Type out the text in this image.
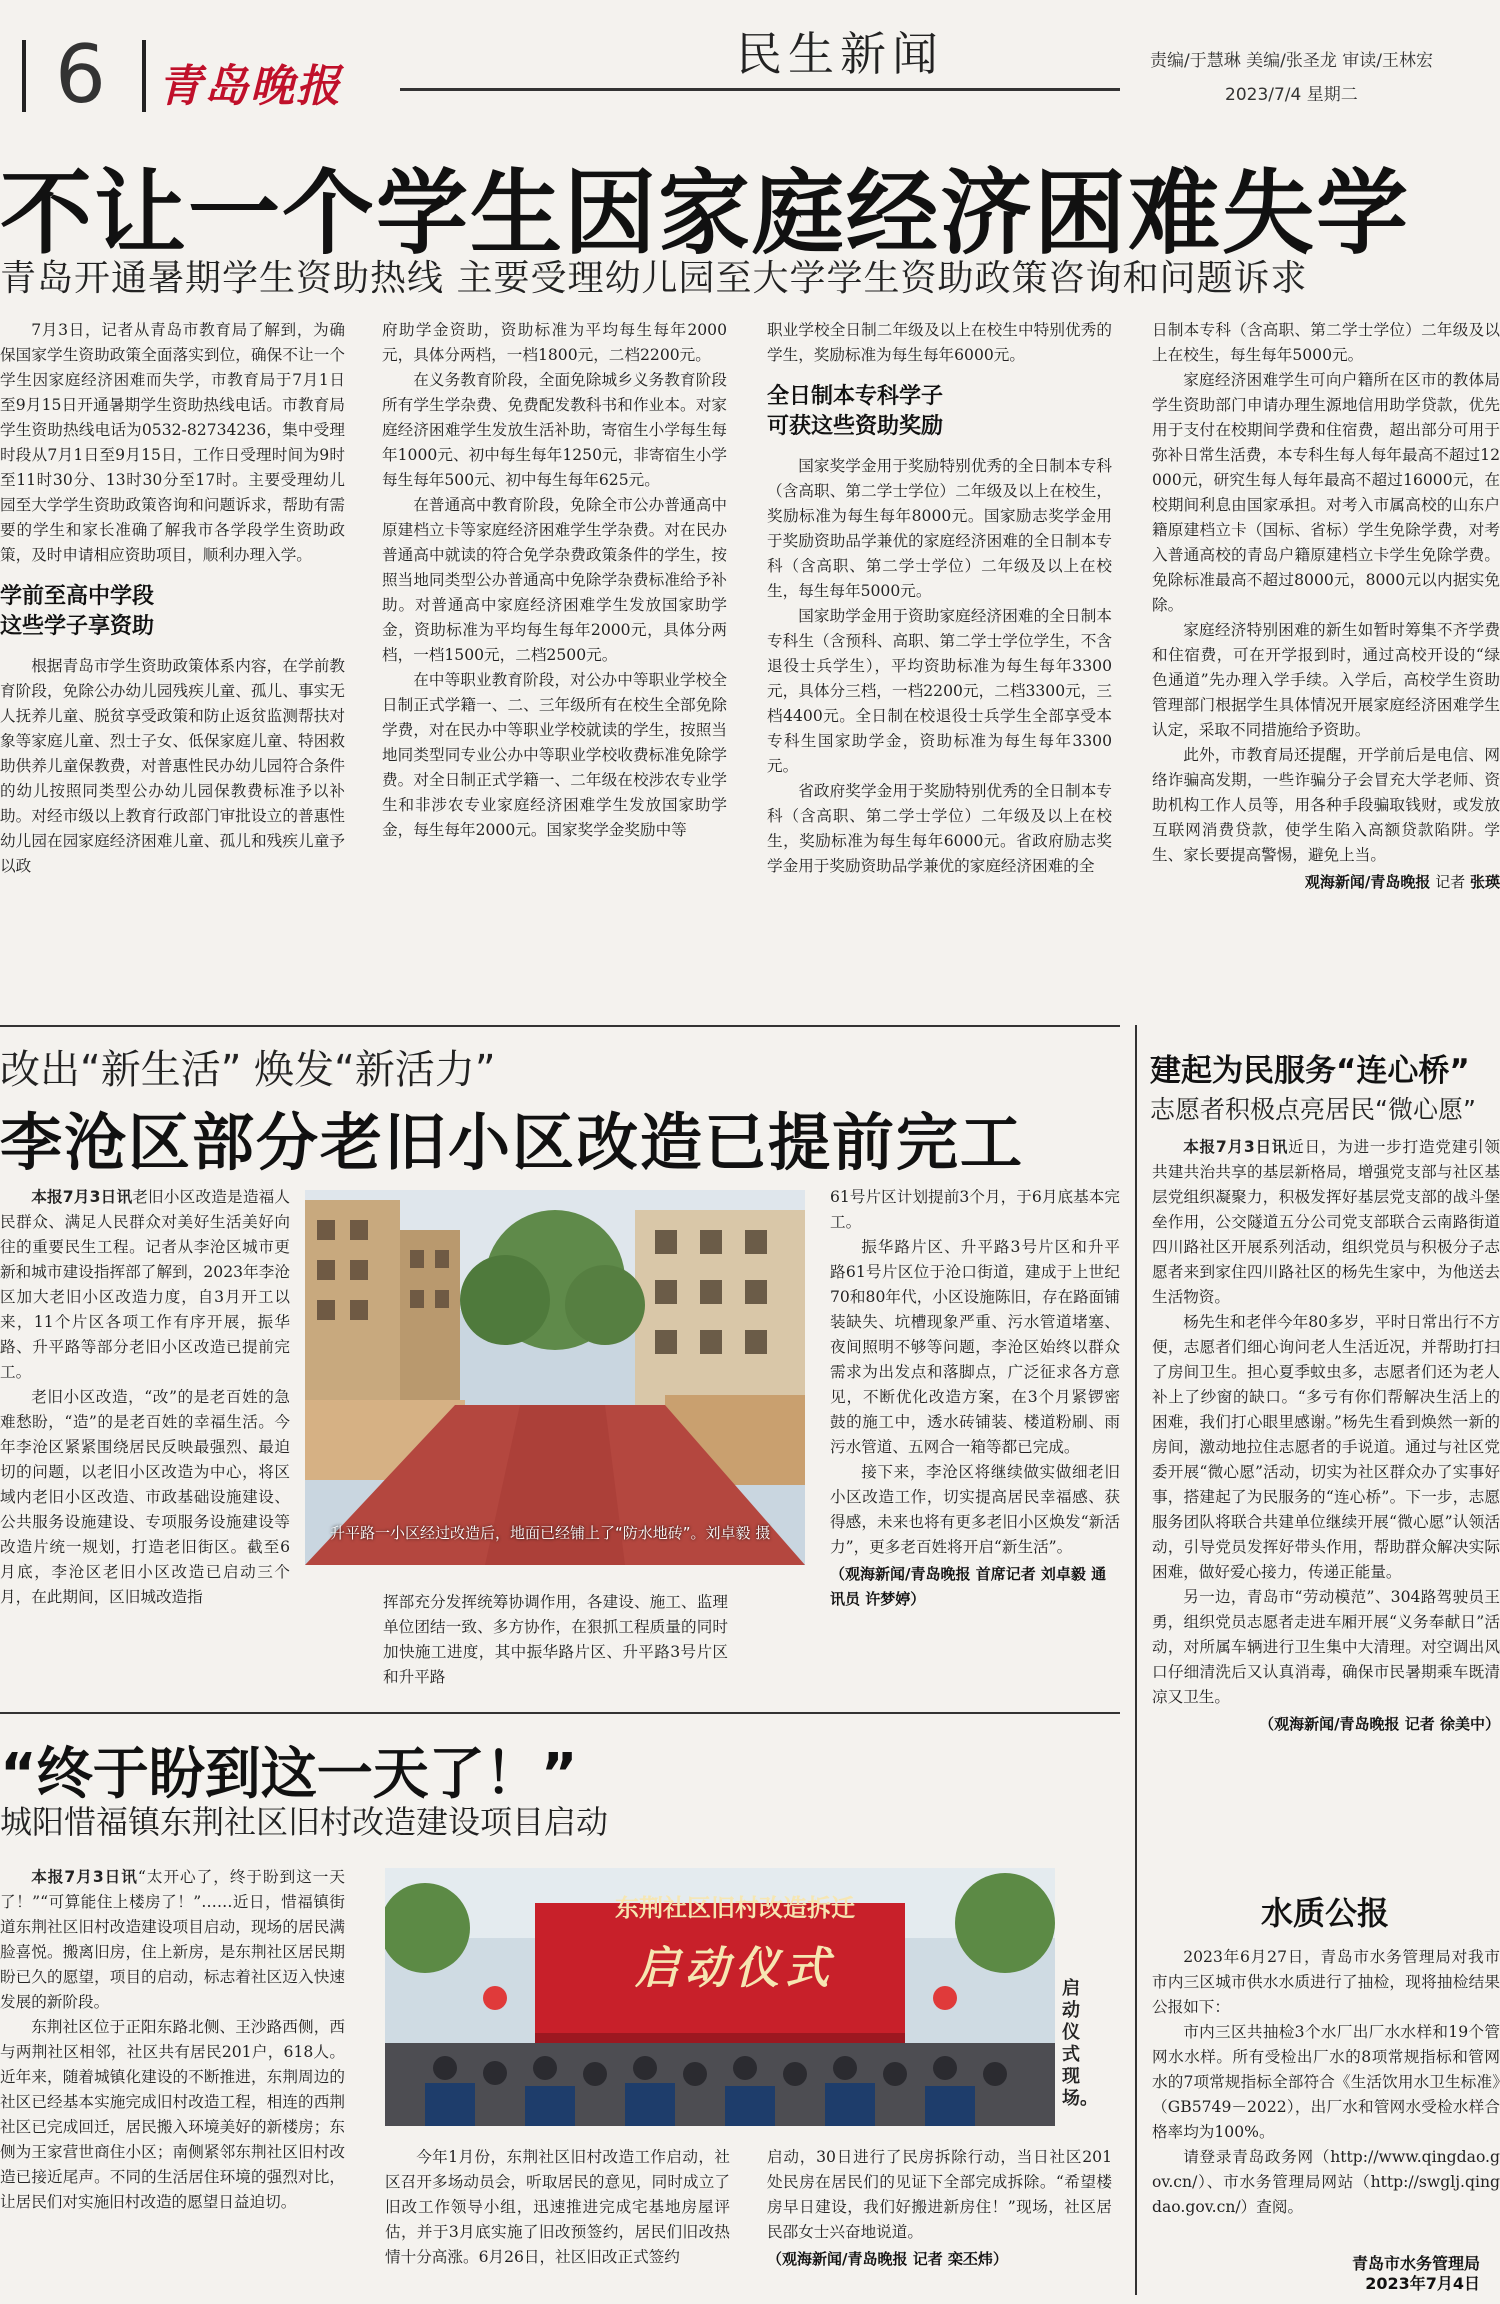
6 青岛晚报
民生新闻	责编/于慧琳 美编/张圣龙 审读/王林宏
2023/7/4 星期二
不让一个学生因家庭经济困难失学
青岛开通暑期学生资助热线 主要受理幼儿园至大学学生资助政策咨询和问题诉求

7月3日，记者从青岛市教育局了解到，为确保国家学生资助政策全面落实到位，确保不让一个学生因家庭经济困难而失学，市教育局于7月1日至9月15日开通暑期学生资助热线电话。市教育局学生资助热线电话为0532-82734236，集中受理时段从7月1日至9月15日，工作日受理时间为9时至11时30分、13时30分至17时。主要受理幼儿园至大学学生资助政策咨询和问题诉求，帮助有需要的学生和家长准确了解我市各学段学生资助政策，及时申请相应资助项目，顺利办理入学。

学前至高中学段
这些学子享资助

根据青岛市学生资助政策体系内容，在学前教育阶段，免除公办幼儿园残疾儿童、孤儿、事实无人抚养儿童、脱贫享受政策和防止返贫监测帮扶对象等家庭儿童、烈士子女、低保家庭儿童、特困救助供养儿童保教费，对普惠性民办幼儿园符合条件的幼儿按照同类型公办幼儿园保教费标准予以补助。对经市级以上教育行政部门审批设立的普惠性幼儿园在园家庭经济困难儿童、孤儿和残疾儿童予以政

府助学金资助，资助标准为平均每生每年2000元，具体分两档，一档1800元，二档2200元。

在义务教育阶段，全面免除城乡义务教育阶段所有学生学杂费、免费配发教科书和作业本。对家庭经济困难学生发放生活补助，寄宿生小学每生每年1000元、初中每生每年1250元，非寄宿生小学每生每年500元、初中每生每年625元。

在普通高中教育阶段，免除全市公办普通高中原建档立卡等家庭经济困难学生学杂费。对在民办普通高中就读的符合免学杂费政策条件的学生，按照当地同类型公办普通高中免除学杂费标准给予补助。对普通高中家庭经济困难学生发放国家助学金，资助标准为平均每生每年2000元，具体分两档，一档1500元，二档2500元。

在中等职业教育阶段，对公办中等职业学校全日制正式学籍一、二、三年级所有在校生全部免除学费，对在民办中等职业学校就读的学生，按照当地同类型同专业公办中等职业学校收费标准免除学费。对全日制正式学籍一、二年级在校涉农专业学生和非涉农专业家庭经济困难学生发放国家助学金，每生每年2000元。国家奖学金奖励中等

职业学校全日制二年级及以上在校生中特别优秀的学生，奖励标准为每生每年6000元。

全日制本专科学子
可获这些资助奖励

国家奖学金用于奖励特别优秀的全日制本专科（含高职、第二学士学位）二年级及以上在校生，奖励标准为每生每年8000元。国家励志奖学金用于奖励资助品学兼优的家庭经济困难的全日制本专科（含高职、第二学士学位）二年级及以上在校生，每生每年5000元。

国家助学金用于资助家庭经济困难的全日制本专科生（含预科、高职、第二学士学位学生，不含退役士兵学生），平均资助标准为每生每年3300元，具体分三档，一档2200元，二档3300元，三档4400元。全日制在校退役士兵学生全部享受本专科生国家助学金，资助标准为每生每年3300元。

省政府奖学金用于奖励特别优秀的全日制本专科（含高职、第二学士学位）二年级及以上在校生，奖励标准为每生每年6000元。省政府励志奖学金用于奖励资助品学兼优的家庭经济困难的全

日制本专科（含高职、第二学士学位）二年级及以上在校生，每生每年5000元。

家庭经济困难学生可向户籍所在区市的教体局学生资助部门申请办理生源地信用助学贷款，优先用于支付在校期间学费和住宿费，超出部分可用于弥补日常生活费，本专科生每人每年最高不超过12000元，研究生每人每年最高不超过16000元，在校期间利息由国家承担。对考入市属高校的山东户籍原建档立卡（国标、省标）学生免除学费，对考入普通高校的青岛户籍原建档立卡学生免除学费。免除标准最高不超过8000元，8000元以内据实免除。

家庭经济特别困难的新生如暂时筹集不齐学费和住宿费，可在开学报到时，通过高校开设的“绿色通道”先办理入学手续。入学后，高校学生资助管理部门根据学生具体情况开展家庭经济困难学生认定，采取不同措施给予资助。

此外，市教育局还提醒，开学前后是电信、网络诈骗高发期，一些诈骗分子会冒充大学老师、资助机构工作人员等，用各种手段骗取钱财，或发放互联网消费贷款，使学生陷入高额贷款陷阱。学生、家长要提高警惕，避免上当。

观海新闻/青岛晚报 记者 张瑛
改出“新生活” 焕发“新活力”
李沧区部分老旧小区改造已提前完工

本报7月3日讯老旧小区改造是造福人民群众、满足人民群众对美好生活美好向往的重要民生工程。记者从李沧区城市更新和城市建设指挥部了解到，2023年李沧区加大老旧小区改造力度，自3月开工以来，11个片区各项工作有序开展，振华路、升平路等部分老旧小区改造已提前完工。

老旧小区改造，“改”的是老百姓的急难愁盼，“造”的是老百姓的幸福生活。今年李沧区紧紧围绕居民反映最强烈、最迫切的问题，以老旧小区改造为中心，将区域内老旧小区改造、市政基础设施建设、公共服务设施建设、专项服务设施建设等改造片统一规划，打造老旧街区。截至6月底，李沧区老旧小区改造已启动三个月，在此期间，区旧城改造指

升平路一小区经过改造后，地面已经铺上了“防水地砖”。刘卓毅 摄

挥部充分发挥统筹协调作用，各建设、施工、监理单位团结一致、多方协作，在狠抓工程质量的同时加快施工进度，其中振华路片区、升平路3号片区和升平路

61号片区计划提前3个月，于6月底基本完工。

振华路片区、升平路3号片区和升平路61号片区位于沧口街道，建成于上世纪70和80年代，小区设施陈旧，存在路面铺装缺失、坑槽现象严重、污水管道堵塞、夜间照明不够等问题，李沧区始终以群众需求为出发点和落脚点，广泛征求各方意见，不断优化改造方案，在3个月紧锣密鼓的施工中，透水砖铺装、楼道粉刷、雨污水管道、五网合一箱等都已完成。

接下来，李沧区将继续做实做细老旧小区改造工作，切实提高居民幸福感、获得感，未来也将有更多老旧小区焕发“新活力”，更多老百姓将开启“新生活”。

（观海新闻/青岛晚报 首席记者 刘卓毅 通讯员 许梦婷）

“终于盼到这一天了！”
城阳惜福镇东荆社区旧村改造建设项目启动

本报7月3日讯“太开心了，终于盼到这一天了！”“可算能住上楼房了！”……近日，惜福镇街道东荆社区旧村改造建设项目启动，现场的居民满脸喜悦。搬离旧房，住上新房，是东荆社区居民期盼已久的愿望，项目的启动，标志着社区迈入快速发展的新阶段。

东荆社区位于正阳东路北侧、王沙路西侧，西与两荆社区相邻，社区共有居民201户，618人。近年来，随着城镇化建设的不断推进，东荆周边的社区已经基本实施完成旧村改造工程，相连的西荆社区已完成回迁，居民搬入环境美好的新楼房；东侧为王家营世商住小区；南侧紧邻东荆社区旧村改造已接近尾声。不同的生活居住环境的强烈对比，让居民们对实施旧村改造的愿望日益迫切。

东荆社区旧村改造拆迁
启动仪式	启动仪式现场。

今年1月份，东荆社区旧村改造工作启动，社区召开多场动员会，听取居民的意见，同时成立了旧改工作领导小组，迅速推进完成宅基地房屋评估，并于3月底实施了旧改预签约，居民们旧改热情十分高涨。6月26日，社区旧改正式签约

启动，30日进行了民房拆除行动，当日社区201处民房在居民们的见证下全部完成拆除。“希望楼房早日建设，我们好搬进新房住！”现场，社区居民邵女士兴奋地说道。

（观海新闻/青岛晚报 记者 栾丕炜）

建起为民服务“连心桥”
志愿者积极点亮居民“微心愿”

本报7月3日讯近日，为进一步打造党建引领共建共治共享的基层新格局，增强党支部与社区基层党组织凝聚力，积极发挥好基层党支部的战斗堡垒作用，公交隧道五分公司党支部联合云南路街道四川路社区开展系列活动，组织党员与积极分子志愿者来到家住四川路社区的杨先生家中，为他送去生活物资。

杨先生和老伴今年80多岁，平时日常出行不方便，志愿者们细心询问老人生活近况，并帮助打扫了房间卫生。担心夏季蚊虫多，志愿者们还为老人补上了纱窗的缺口。“多亏有你们帮解决生活上的困难，我们打心眼里感谢。”杨先生看到焕然一新的房间，激动地拉住志愿者的手说道。通过与社区党委开展“微心愿”活动，切实为社区群众办了实事好事，搭建起了为民服务的“连心桥”。下一步，志愿服务团队将联合共建单位继续开展“微心愿”认领活动，引导党员发挥好带头作用，帮助群众解决实际困难，做好爱心接力，传递正能量。

另一边，青岛市“劳动模范”、304路驾驶员王勇，组织党员志愿者走进车厢开展“义务奉献日”活动，对所属车辆进行卫生集中大清理。对空调出风口仔细清洗后又认真消毒，确保市民暑期乘车既清凉又卫生。

（观海新闻/青岛晚报 记者 徐美中）

水质公报

2023年6月27日，青岛市水务管理局对我市市内三区城市供水水质进行了抽检，现将抽检结果公报如下：

市内三区共抽检3个水厂出厂水水样和19个管网水水样。所有受检出厂水的8项常规指标和管网水的7项常规指标全部符合《生活饮用水卫生标准》（GB5749－2022），出厂水和管网水受检水样合格率均为100%。

请登录青岛政务网（http://www.qingdao.gov.cn/）、市水务管理局网站（http://swglj.qingdao.gov.cn/）查阅。

青岛市水务管理局
2023年7月4日
